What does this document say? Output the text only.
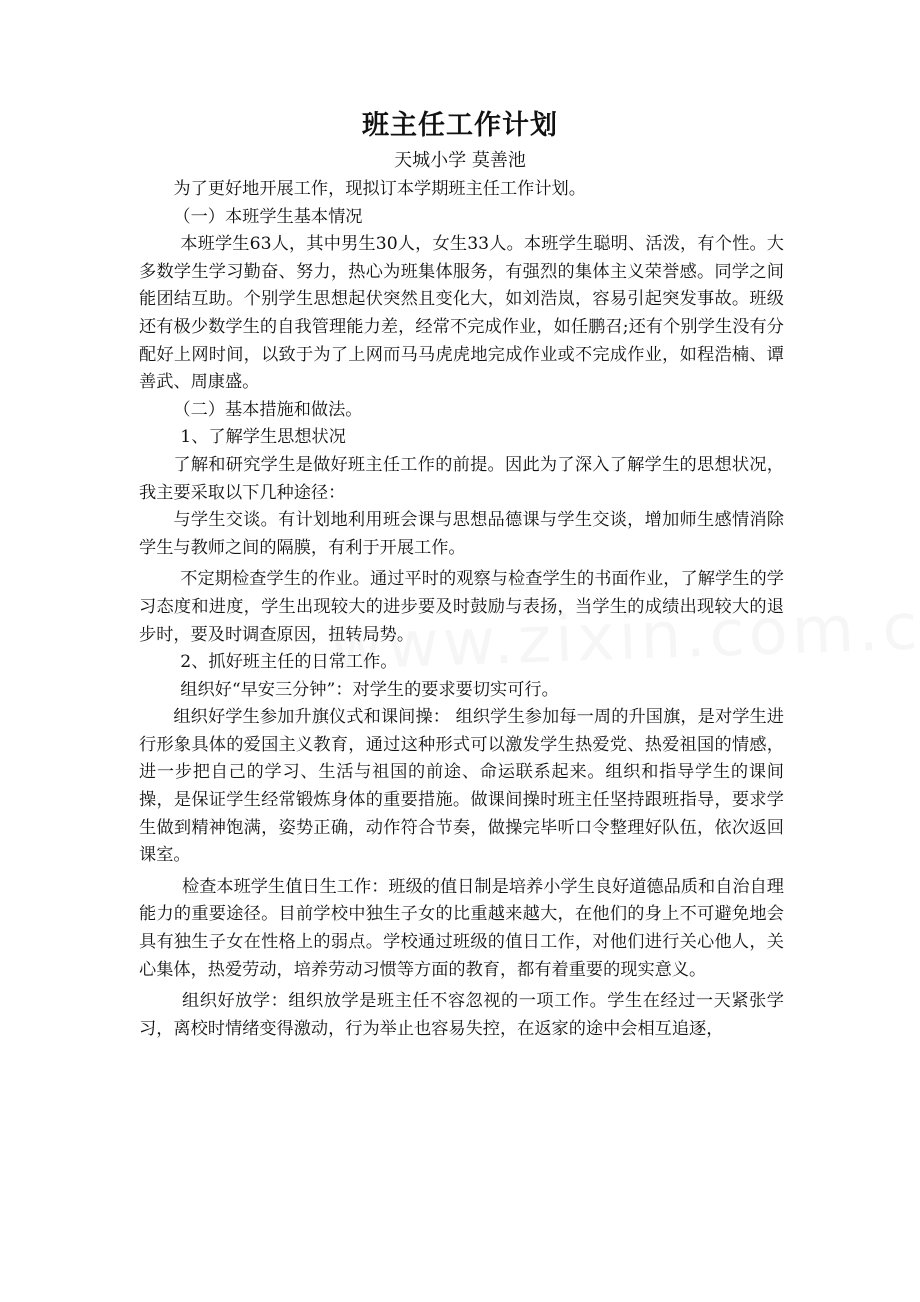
班主任工作计划
天城小学 莫善池

为了更好地开展工作，现拟订本学期班主任工作计划。

（一）本班学生基本情况

本班学生63人，其中男生30人，女生33人。本班学生聪明、活泼，有个性。大多数学生学习勤奋、努力，热心为班集体服务，有强烈的集体主义荣誉感。同学之间能团结互助。个别学生思想起伏突然且变化大，如刘浩岚，容易引起突发事故。班级还有极少数学生的自我管理能力差，经常不完成作业，如任鹏召;还有个别学生没有分配好上网时间，以致于为了上网而马马虎虎地完成作业或不完成作业，如程浩楠、谭善武、周康盛。

（二）基本措施和做法。

1、了解学生思想状况

了解和研究学生是做好班主任工作的前提。因此为了深入了解学生的思想状况，我主要采取以下几种途径：

与学生交谈。有计划地利用班会课与思想品德课与学生交谈，增加师生感情消除学生与教师之间的隔膜，有利于开展工作。

不定期检查学生的作业。通过平时的观察与检查学生的书面作业，了解学生的学习态度和进度，学生出现较大的进步要及时鼓励与表扬，当学生的成绩出现较大的退步时，要及时调查原因，扭转局势。

2、抓好班主任的日常工作。

组织好“早安三分钟”：对学生的要求要切实可行。

组织好学生参加升旗仪式和课间操： 组织学生参加每一周的升国旗，是对学生进行形象具体的爱国主义教育，通过这种形式可以激发学生热爱党、热爱祖国的情感，进一步把自己的学习、生活与祖国的前途、命运联系起来。组织和指导学生的课间操，是保证学生经常锻炼身体的重要措施。做课间操时班主任坚持跟班指导，要求学生做到精神饱满，姿势正确，动作符合节奏，做操完毕听口令整理好队伍，依次返回课室。

检查本班学生值日生工作：班级的值日制是培养小学生良好道德品质和自治自理能力的重要途径。目前学校中独生子女的比重越来越大，在他们的身上不可避免地会具有独生子女在性格上的弱点。学校通过班级的值日工作，对他们进行关心他人，关心集体，热爱劳动，培养劳动习惯等方面的教育，都有着重要的现实意义。

组织好放学：组织放学是班主任不容忽视的一项工作。学生在经过一天紧张学习，离校时情绪变得激动，行为举止也容易失控，在返家的途中会相互追逐，
